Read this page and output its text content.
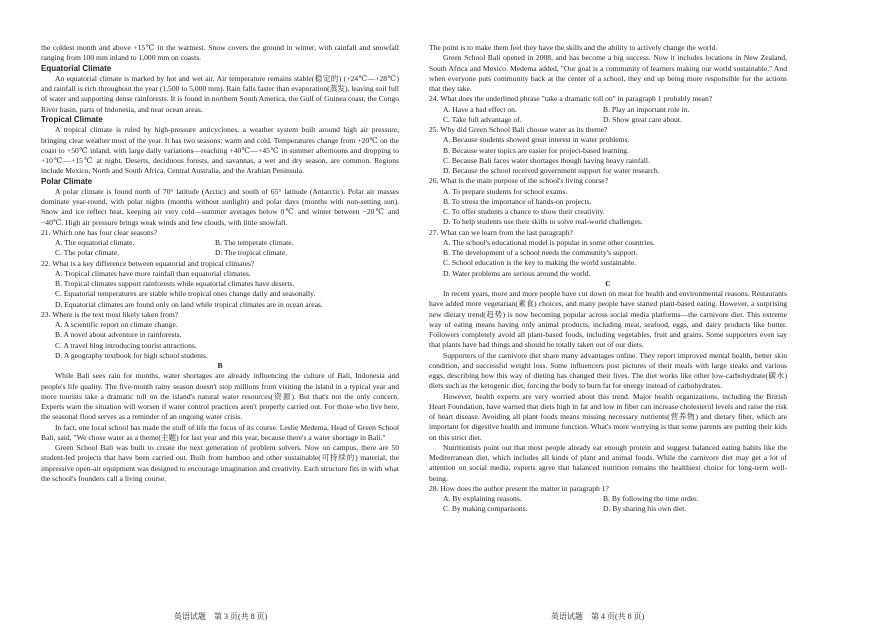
the coldest month and above +15℃ in the warmest. Snow covers the ground in winter, with rainfall and snowfall ranging from 100 mm inland to 1,000 mm on coasts.

Equatorial Climate

An equatorial climate is marked by hot and wet air. Air temperature remains stable(稳定的) (+24℃—+28℃) and rainfall is rich throughout the year (1,500 to 5,000 mm). Rain falls faster than evaporation(蒸发), leaving soil full of water and supporting dense rainforests. It is found in northern South America, the Gulf of Guinea coast, the Congo River basin, parts of Indonesia, and near ocean areas.

Tropical Climate

A tropical climate is ruled by high-pressure anticyclones, a weather system built around high air pressure, bringing clear weather most of the year. It has two seasons: warm and cold. Temperatures change from +20℃ on the coast to +50℃ inland, with large daily variations—reaching +40℃—+45℃ in summer afternoons and dropping to +10℃—+15℃ at night. Deserts, deciduous forests, and savannas, a wet and dry season, are common. Regions include Mexico, North and South Africa, Central Australia, and the Arabian Peninsula.

Polar Climate

A polar climate is found north of 70° latitude (Arctic) and south of 65° latitude (Antarctic). Polar air masses dominate year-round, with polar nights (months without sunlight) and polar days (months with non-setting sun). Snow and ice reflect heat, keeping air very cold—summer averages below 0℃ and winter between −20℃ and −40℃. High air pressure brings weak winds and few clouds, with little snowfall.

21. Which one has four clear seasons?
A. The equatorial climate.	B. The temperate climate.
C. The polar climate.	D. The tropical climate.
22. What is a key difference between equatorial and tropical climates?
A. Tropical climates have more rainfall than equatorial climates.
B. Tropical climates support rainforests while equatorial climates have deserts.
C. Equatorial temperatures are stable while tropical ones change daily and seasonally.
D. Equatorial climates are found only on land while tropical climates are in ocean areas.
23. Where is the text most likely taken from?
A. A scientific report on climate change.
B. A novel about adventure in rainforests.
C. A travel blog introducing tourist attractions.
D. A geography textbook for high school students.
B

While Bali sees rain for months, water shortages are already influencing the culture of Bali, Indonesia and people's life quality. The five-month rainy season doesn't stop millions from visiting the island in a typical year and more tourists take a dramatic toll on the island's natural water resources(资源). But that's not the only concern. Experts warn the situation will worsen if water control practices aren't properly carried out. For those who live here, the seasonal flood serves as a reminder of an ongoing water crisis.

In fact, one local school has made the stuff of life the focus of its course. Leslie Medema, Head of Green School Bali, said, "We chose water as a theme(主题) for last year and this year, because there's a water shortage in Bali."

Green School Bali was built to create the next generation of problem solvers. Now on campus, there are 50 student-led projects that have been carried out. Built from bamboo and other sustainable(可持续的) material, the impressive open-air equipment was designed to encourage imagination and creativity. Each structure fits in with what the school's founders call a living course.

The point is to make them feel they have the skills and the ability to actively change the world.

Green School Bali opened in 2008, and has become a big success. Now it includes locations in New Zealand, South Africa and Mexico. Medema added, "Our goal is a community of learners making our world sustainable." And when everyone puts community back at the center of a school, they end up being more responsible for the actions that they take.

24. What does the underlined phrase "take a dramatic toll on" in paragraph 1 probably mean?
A. Have a bad effect on.	B. Play an important role in.
C. Take full advantage of.	D. Show great care about.
25. Why did Green School Bali choose water as its theme?
A. Because students showed great interest in water problems.
B. Because water topics are easier for project-based learning.
C. Because Bali faces water shortages though having heavy rainfall.
D. Because the school received government support for water research.
26. What is the main purpose of the school's living course?
A. To prepare students for school exams.
B. To stress the importance of hands-on projects.
C. To offer students a chance to show their creativity.
D. To help students use their skills to solve real-world challenges.
27. What can we learn from the last paragraph?
A. The school's educational model is popular in some other countries.
B. The development of a school needs the community's support.
C. School education is the key to making the world sustainable.
D. Water problems are serious around the world.
C

In recent years, more and more people have cut down on meat for health and environmental reasons. Restaurants have added more vegetarian(素食) choices, and many people have started plant-based eating. However, a surprising new dietary trend(趋势) is now becoming popular across social media platforms—the carnivore diet. This extreme way of eating means having only animal products, including meat, seafood, eggs, and dairy products like butter. Followers completely avoid all plant-based foods, including vegetables, fruit and grains. Some supporters even say that plants have bad things and should be totally taken out of our diets.

Supporters of the carnivore diet share many advantages online. They report improved mental health, better skin condition, and successful weight loss. Some influencers post pictures of their meals with large steaks and various eggs, describing how this way of dieting has changed their lives. The diet works like other low-carbohydrate(碳水) diets such as the ketogenic diet, forcing the body to burn fat for energy instead of carbohydrates.

However, health experts are very worried about this trend. Major health organizations, including the British Heart Foundation, have warned that diets high in fat and low in fiber can increase cholesterol levels and raise the risk of heart disease. Avoiding all plant foods means missing necessary nutrients(营养物) and dietary fiber, which are important for digestive health and immune function. What's more worrying is that some parents are putting their kids on this strict diet.

Nutritionists point out that most people already eat enough protein and suggest balanced eating habits like the Mediterranean diet, which includes all kinds of plant and animal foods. While the carnivore diet may get a lot of attention on social media, experts agree that balanced nutrition remains the healthiest choice for long-term well-being.

28. How does the author present the matter in paragraph 1?
A. By explaining reasons.	B. By following the time order.
C. By making comparisons.	D. By sharing his own diet.
英语试题　第 3 页(共 8 页)	英语试题　第 4 页(共 8 页)
